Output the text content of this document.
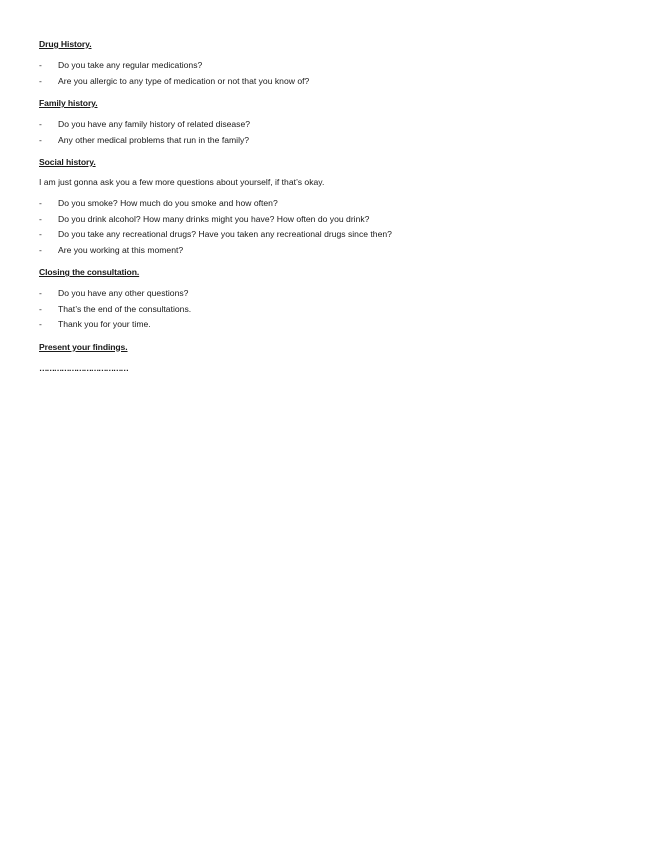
Drug History.

- Do you take any regular medications?
- Are you allergic to any type of medication or not that you know of?

Family history.

- Do you have any family history of related disease?
- Any other medical problems that run in the family?

Social history.

I am just gonna ask you a few more questions about yourself, if that’s okay.

- Do you smoke? How much do you smoke and how often?
- Do you drink alcohol? How many drinks might you have? How often do you drink?
- Do you take any recreational drugs? Have you taken any recreational drugs since then?
- Are you working at this moment?

Closing the consultation.

- Do you have any other questions?
- That’s the end of the consultations.
- Thank you for your time.

Present your findings.

………………………………
